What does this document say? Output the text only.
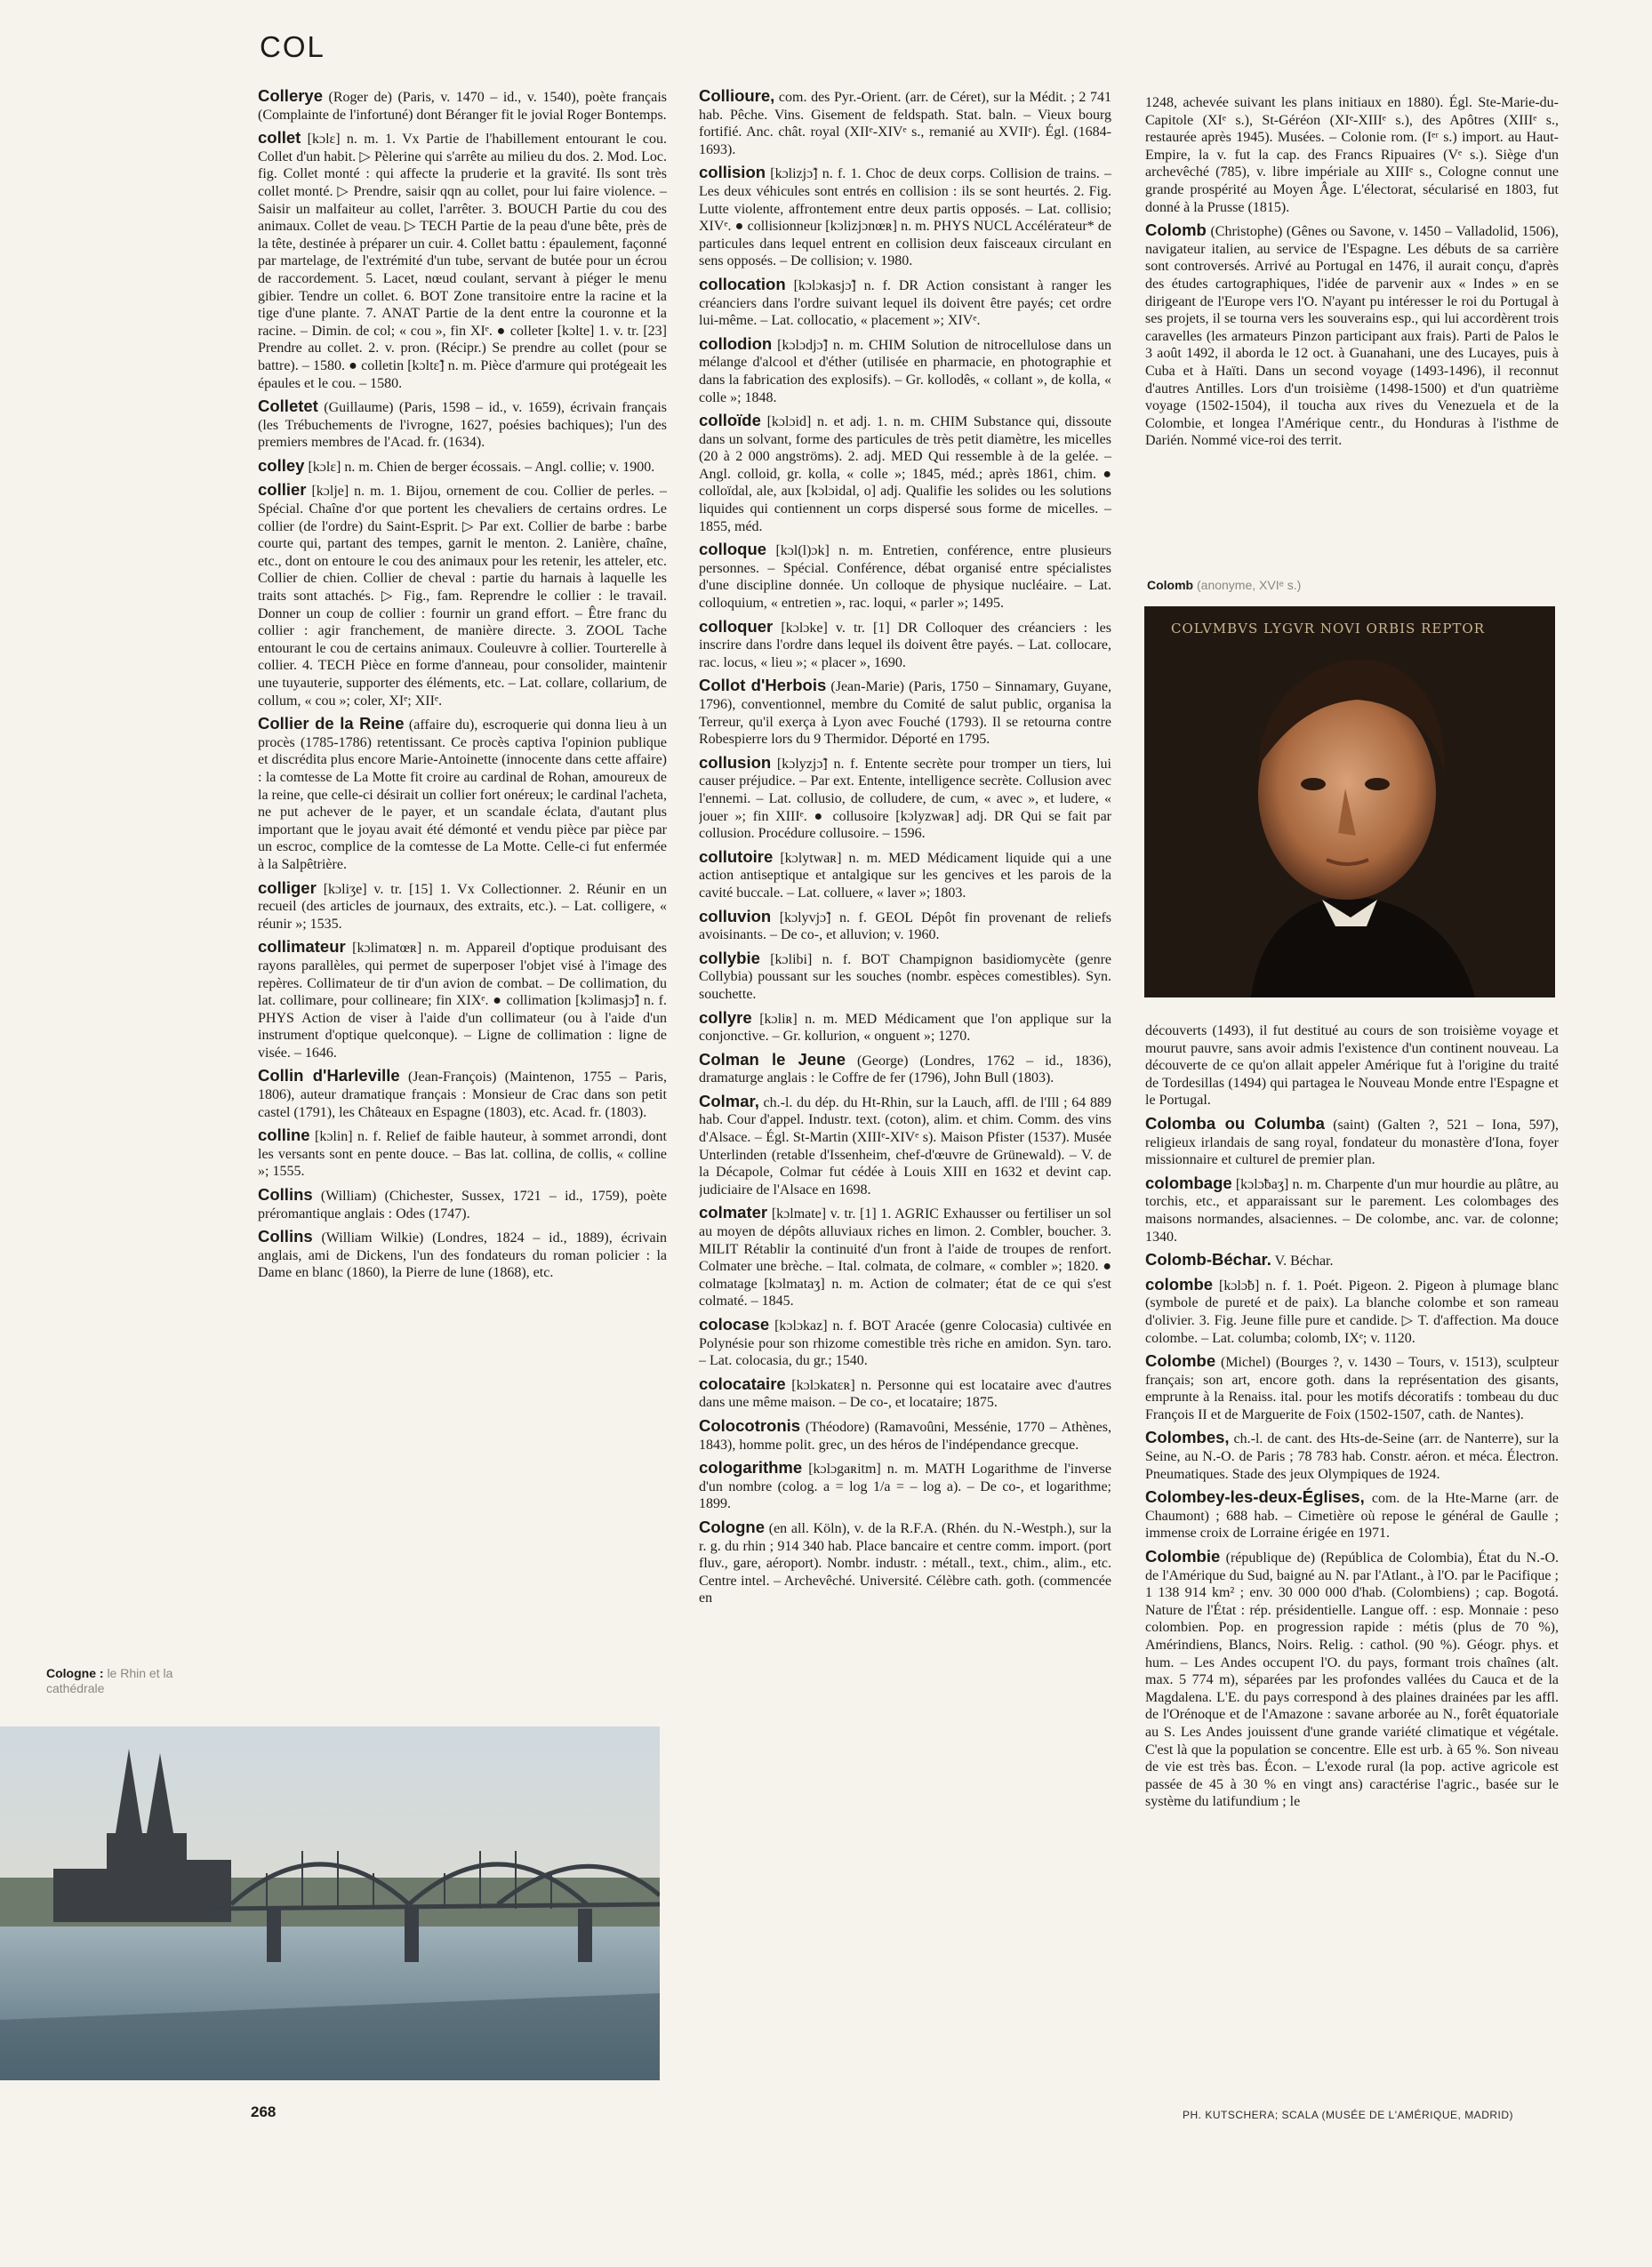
COL

Collerye (Roger de) (Paris, v. 1470 – id., v. 1540), poète français (Complainte de l'infortuné) dont Béranger fit le jovial Roger Bontemps.

collet [kɔlɛ] n. m. 1. Vx Partie de l'habillement entourant le cou. Collet d'un habit. ▷ Pèlerine qui s'arrête au milieu du dos. 2. Mod. Loc. fig. Collet monté : qui affecte la pruderie et la gravité. Ils sont très collet monté. ▷ Prendre, saisir qqn au collet, pour lui faire violence. – Saisir un malfaiteur au collet, l'arrêter. 3. BOUCH Partie du cou des animaux. Collet de veau. ▷ TECH Partie de la peau d'une bête, près de la tête, destinée à préparer un cuir. 4. Collet battu : épaulement, façonné par martelage, de l'extrémité d'un tube, servant de butée pour un écrou de raccordement. 5. Lacet, nœud coulant, servant à piéger le menu gibier. Tendre un collet. 6. BOT Zone transitoire entre la racine et la tige d'une plante. 7. ANAT Partie de la dent entre la couronne et la racine. – Dimin. de col; « cou », fin XIᵉ. ● colleter [kɔlte] 1. v. tr. [23] Prendre au collet. 2. v. pron. (Récipr.) Se prendre au collet (pour se battre). – 1580. ● colletin [kɔltɛ̃] n. m. Pièce d'armure qui protégeait les épaules et le cou. – 1580.

Colletet (Guillaume) (Paris, 1598 – id., v. 1659), écrivain français (les Trébuchements de l'ivrogne, 1627, poésies bachiques); l'un des premiers membres de l'Acad. fr. (1634).

colley [kɔlɛ] n. m. Chien de berger écossais. – Angl. collie; v. 1900.

collier [kɔlje] n. m. 1. Bijou, ornement de cou. Collier de perles. – Spécial. Chaîne d'or que portent les chevaliers de certains ordres. Le collier (de l'ordre) du Saint-Esprit. ▷ Par ext. Collier de barbe : barbe courte qui, partant des tempes, garnit le menton. 2. Lanière, chaîne, etc., dont on entoure le cou des animaux pour les retenir, les atteler, etc. Collier de chien. Collier de cheval : partie du harnais à laquelle les traits sont attachés. ▷ Fig., fam. Reprendre le collier : le travail. Donner un coup de collier : fournir un grand effort. – Être franc du collier : agir franchement, de manière directe. 3. ZOOL Tache entourant le cou de certains animaux. Couleuvre à collier. Tourterelle à collier. 4. TECH Pièce en forme d'anneau, pour consolider, maintenir une tuyauterie, supporter des éléments, etc. – Lat. collare, collarium, de collum, « cou »; coler, XIᵉ; XIIᵉ.

Collier de la Reine (affaire du), escroquerie qui donna lieu à un procès (1785-1786) retentissant. Ce procès captiva l'opinion publique et discrédita plus encore Marie-Antoinette (innocente dans cette affaire) : la comtesse de La Motte fit croire au cardinal de Rohan, amoureux de la reine, que celle-ci désirait un collier fort onéreux; le cardinal l'acheta, ne put achever de le payer, et un scandale éclata, d'autant plus important que le joyau avait été démonté et vendu pièce par pièce par un escroc, complice de la comtesse de La Motte. Celle-ci fut enfermée à la Salpêtrière.

colliger [kɔliʒe] v. tr. [15] 1. Vx Collectionner. 2. Réunir en un recueil (des articles de journaux, des extraits, etc.). – Lat. colligere, « réunir »; 1535.

collimateur [kɔlimatœʀ] n. m. Appareil d'optique produisant des rayons parallèles, qui permet de superposer l'objet visé à l'image des repères. Collimateur de tir d'un avion de combat. – De collimation, du lat. collimare, pour collineare; fin XIXᵉ. ● collimation [kɔlimasjɔ̃] n. f. PHYS Action de viser à l'aide d'un collimateur (ou à l'aide d'un instrument d'optique quelconque). – Ligne de collimation : ligne de visée. – 1646.

Collin d'Harleville (Jean-François) (Maintenon, 1755 – Paris, 1806), auteur dramatique français : Monsieur de Crac dans son petit castel (1791), les Châteaux en Espagne (1803), etc. Acad. fr. (1803).

colline [kɔlin] n. f. Relief de faible hauteur, à sommet arrondi, dont les versants sont en pente douce. – Bas lat. collina, de collis, « colline »; 1555.

Collins (William) (Chichester, Sussex, 1721 – id., 1759), poète préromantique anglais : Odes (1747).

Collins (William Wilkie) (Londres, 1824 – id., 1889), écrivain anglais, ami de Dickens, l'un des fondateurs du roman policier : la Dame en blanc (1860), la Pierre de lune (1868), etc.

Collioure, com. des Pyr.-Orient. (arr. de Céret), sur la Médit. ; 2 741 hab. Pêche. Vins. Gisement de feldspath. Stat. baln. – Vieux bourg fortifié. Anc. chât. royal (XIIᵉ-XIVᵉ s., remanié au XVIIᵉ). Égl. (1684-1693).

collision [kɔlizjɔ̃] n. f. 1. Choc de deux corps. Collision de trains. – Les deux véhicules sont entrés en collision : ils se sont heurtés. 2. Fig. Lutte violente, affrontement entre deux partis opposés. – Lat. collisio; XIVᵉ. ● collisionneur [kɔlizjɔnœʀ] n. m. PHYS NUCL Accélérateur* de particules dans lequel entrent en collision deux faisceaux circulant en sens opposés. – De collision; v. 1980.

collocation [kɔlɔkasjɔ̃] n. f. DR Action consistant à ranger les créanciers dans l'ordre suivant lequel ils doivent être payés; cet ordre lui-même. – Lat. collocatio, « placement »; XIVᵉ.

collodion [kɔlɔdjɔ̃] n. m. CHIM Solution de nitrocellulose dans un mélange d'alcool et d'éther (utilisée en pharmacie, en photographie et dans la fabrication des explosifs). – Gr. kollodês, « collant », de kolla, « colle »; 1848.

colloïde [kɔlɔid] n. et adj. 1. n. m. CHIM Substance qui, dissoute dans un solvant, forme des particules de très petit diamètre, les micelles (20 à 2 000 angströms). 2. adj. MED Qui ressemble à de la gelée. – Angl. colloid, gr. kolla, « colle »; 1845, méd.; après 1861, chim. ● colloïdal, ale, aux [kɔlɔidal, o] adj. Qualifie les solides ou les solutions liquides qui contiennent un corps dispersé sous forme de micelles. – 1855, méd.

colloque [kɔl(l)ɔk] n. m. Entretien, conférence, entre plusieurs personnes. – Spécial. Conférence, débat organisé entre spécialistes d'une discipline donnée. Un colloque de physique nucléaire. – Lat. colloquium, « entretien », rac. loqui, « parler »; 1495.

colloquer [kɔlɔke] v. tr. [1] DR Colloquer des créanciers : les inscrire dans l'ordre dans lequel ils doivent être payés. – Lat. collocare, rac. locus, « lieu »; « placer », 1690.

Collot d'Herbois (Jean-Marie) (Paris, 1750 – Sinnamary, Guyane, 1796), conventionnel, membre du Comité de salut public, organisa la Terreur, qu'il exerça à Lyon avec Fouché (1793). Il se retourna contre Robespierre lors du 9 Thermidor. Déporté en 1795.

collusion [kɔlyzjɔ̃] n. f. Entente secrète pour tromper un tiers, lui causer préjudice. – Par ext. Entente, intelligence secrète. Collusion avec l'ennemi. – Lat. collusio, de colludere, de cum, « avec », et ludere, « jouer »; fin XIIIᵉ. ● collusoire [kɔlyzwaʀ] adj. DR Qui se fait par collusion. Procédure collusoire. – 1596.

collutoire [kɔlytwaʀ] n. m. MED Médicament liquide qui a une action antiseptique et antalgique sur les gencives et les parois de la cavité buccale. – Lat. colluere, « laver »; 1803.

colluvion [kɔlyvjɔ̃] n. f. GEOL Dépôt fin provenant de reliefs avoisinants. – De co-, et alluvion; v. 1960.

collybie [kɔlibi] n. f. BOT Champignon basidiomycète (genre Collybia) poussant sur les souches (nombr. espèces comestibles). Syn. souchette.

collyre [kɔliʀ] n. m. MED Médicament que l'on applique sur la conjonctive. – Gr. kollurion, « onguent »; 1270.

Colman le Jeune (George) (Londres, 1762 – id., 1836), dramaturge anglais : le Coffre de fer (1796), John Bull (1803).

Colmar, ch.-l. du dép. du Ht-Rhin, sur la Lauch, affl. de l'Ill ; 64 889 hab. Cour d'appel. Industr. text. (coton), alim. et chim. Comm. des vins d'Alsace. – Égl. St-Martin (XIIIᵉ-XIVᵉ s). Maison Pfister (1537). Musée Unterlinden (retable d'Issenheim, chef-d'œuvre de Grünewald). – V. de la Décapole, Colmar fut cédée à Louis XIII en 1632 et devint cap. judiciaire de l'Alsace en 1698.

colmater [kɔlmate] v. tr. [1] 1. AGRIC Exhausser ou fertiliser un sol au moyen de dépôts alluviaux riches en limon. 2. Combler, boucher. 3. MILIT Rétablir la continuité d'un front à l'aide de troupes de renfort. Colmater une brèche. – Ital. colmata, de colmare, « combler »; 1820. ● colmatage [kɔlmataʒ] n. m. Action de colmater; état de ce qui s'est colmaté. – 1845.

colocase [kɔlɔkaz] n. f. BOT Aracée (genre Colocasia) cultivée en Polynésie pour son rhizome comestible très riche en amidon. Syn. taro. – Lat. colocasia, du gr.; 1540.

colocataire [kɔlɔkatɛʀ] n. Personne qui est locataire avec d'autres dans une même maison. – De co-, et locataire; 1875.

Colocotronis (Théodore) (Ramavoûni, Messénie, 1770 – Athènes, 1843), homme polit. grec, un des héros de l'indépendance grecque.

cologarithme [kɔlɔgaʀitm] n. m. MATH Logarithme de l'inverse d'un nombre (colog. a = log 1/a = – log a). – De co-, et logarithme; 1899.

Cologne (en all. Köln), v. de la R.F.A. (Rhén. du N.-Westph.), sur la r. g. du rhin ; 914 340 hab. Place bancaire et centre comm. import. (port fluv., gare, aéroport). Nombr. industr. : métall., text., chim., alim., etc. Centre intel. – Archevêché. Université. Célèbre cath. goth. (commencée en

1248, achevée suivant les plans initiaux en 1880). Égl. Ste-Marie-du-Capitole (XIᵉ s.), St-Géréon (XIᵉ-XIIIᵉ s.), des Apôtres (XIIIᵉ s., restaurée après 1945). Musées. – Colonie rom. (Iᵉʳ s.) import. au Haut-Empire, la v. fut la cap. des Francs Ripuaires (Vᵉ s.). Siège d'un archevêché (785), v. libre impériale au XIIIᵉ s., Cologne connut une grande prospérité au Moyen Âge. L'électorat, sécularisé en 1803, fut donné à la Prusse (1815).

Colomb (Christophe) (Gênes ou Savone, v. 1450 – Valladolid, 1506), navigateur italien, au service de l'Espagne. Les débuts de sa carrière sont controversés. Arrivé au Portugal en 1476, il aurait conçu, d'après des études cartographiques, l'idée de parvenir aux « Indes » en se dirigeant de l'Europe vers l'O. N'ayant pu intéresser le roi du Portugal à ses projets, il se tourna vers les souverains esp., qui lui accordèrent trois caravelles (les armateurs Pinzon participant aux frais). Parti de Palos le 3 août 1492, il aborda le 12 oct. à Guanahani, une des Lucayes, puis à Cuba et à Haïti. Dans un second voyage (1493-1496), il reconnut d'autres Antilles. Lors d'un troisième (1498-1500) et d'un quatrième voyage (1502-1504), il toucha aux rives du Venezuela et de la Colombie, et longea l'Amérique centr., du Honduras à l'isthme de Darién. Nommé vice-roi des territ.

Colomb (anonyme, XVIᵉ s.)
COLVMBVS LYGVR NOVI ORBIS REPTOR

découverts (1493), il fut destitué au cours de son troisième voyage et mourut pauvre, sans avoir admis l'existence d'un continent nouveau. La découverte de ce qu'on allait appeler Amérique fut à l'origine du traité de Tordesillas (1494) qui partagea le Nouveau Monde entre l'Espagne et le Portugal.

Colomba ou Columba (saint) (Galten ?, 521 – Iona, 597), religieux irlandais de sang royal, fondateur du monastère d'Iona, foyer missionnaire et culturel de premier plan.

colombage [kɔlɔ̃baʒ] n. m. Charpente d'un mur hourdie au plâtre, au torchis, etc., et apparaissant sur le parement. Les colombages des maisons normandes, alsaciennes. – De colombe, anc. var. de colonne; 1340.

Colomb-Béchar. V. Béchar.

colombe [kɔlɔ̃b] n. f. 1. Poét. Pigeon. 2. Pigeon à plumage blanc (symbole de pureté et de paix). La blanche colombe et son rameau d'olivier. 3. Fig. Jeune fille pure et candide. ▷ T. d'affection. Ma douce colombe. – Lat. columba; colomb, IXᵉ; v. 1120.

Colombe (Michel) (Bourges ?, v. 1430 – Tours, v. 1513), sculpteur français; son art, encore goth. dans la représentation des gisants, emprunte à la Renaiss. ital. pour les motifs décoratifs : tombeau du duc François II et de Marguerite de Foix (1502-1507, cath. de Nantes).

Colombes, ch.-l. de cant. des Hts-de-Seine (arr. de Nanterre), sur la Seine, au N.-O. de Paris ; 78 783 hab. Constr. aéron. et méca. Électron. Pneumatiques. Stade des jeux Olympiques de 1924.

Colombey-les-deux-Églises, com. de la Hte-Marne (arr. de Chaumont) ; 688 hab. – Cimetière où repose le général de Gaulle ; immense croix de Lorraine érigée en 1971.

Colombie (république de) (República de Colombia), État du N.-O. de l'Amérique du Sud, baigné au N. par l'Atlant., à l'O. par le Pacifique ; 1 138 914 km² ; env. 30 000 000 d'hab. (Colombiens) ; cap. Bogotá. Nature de l'État : rép. présidentielle. Langue off. : esp. Monnaie : peso colombien. Pop. en progression rapide : métis (plus de 70 %), Amérindiens, Blancs, Noirs. Relig. : cathol. (90 %). Géogr. phys. et hum. – Les Andes occupent l'O. du pays, formant trois chaînes (alt. max. 5 774 m), séparées par les profondes vallées du Cauca et de la Magdalena. L'E. du pays correspond à des plaines drainées par les affl. de l'Orénoque et de l'Amazone : savane arborée au N., forêt équatoriale au S. Les Andes jouissent d'une grande variété climatique et végétale. C'est là que la population se concentre. Elle est urb. à 65 %. Son niveau de vie est très bas. Écon. – L'exode rural (la pop. active agricole est passée de 45 à 30 % en vingt ans) caractérise l'agric., basée sur le système du latifundium ; le

Cologne : le Rhin et la cathédrale
268	PH. KUTSCHERA; SCALA (MUSÉE DE L'AMÉRIQUE, MADRID)
